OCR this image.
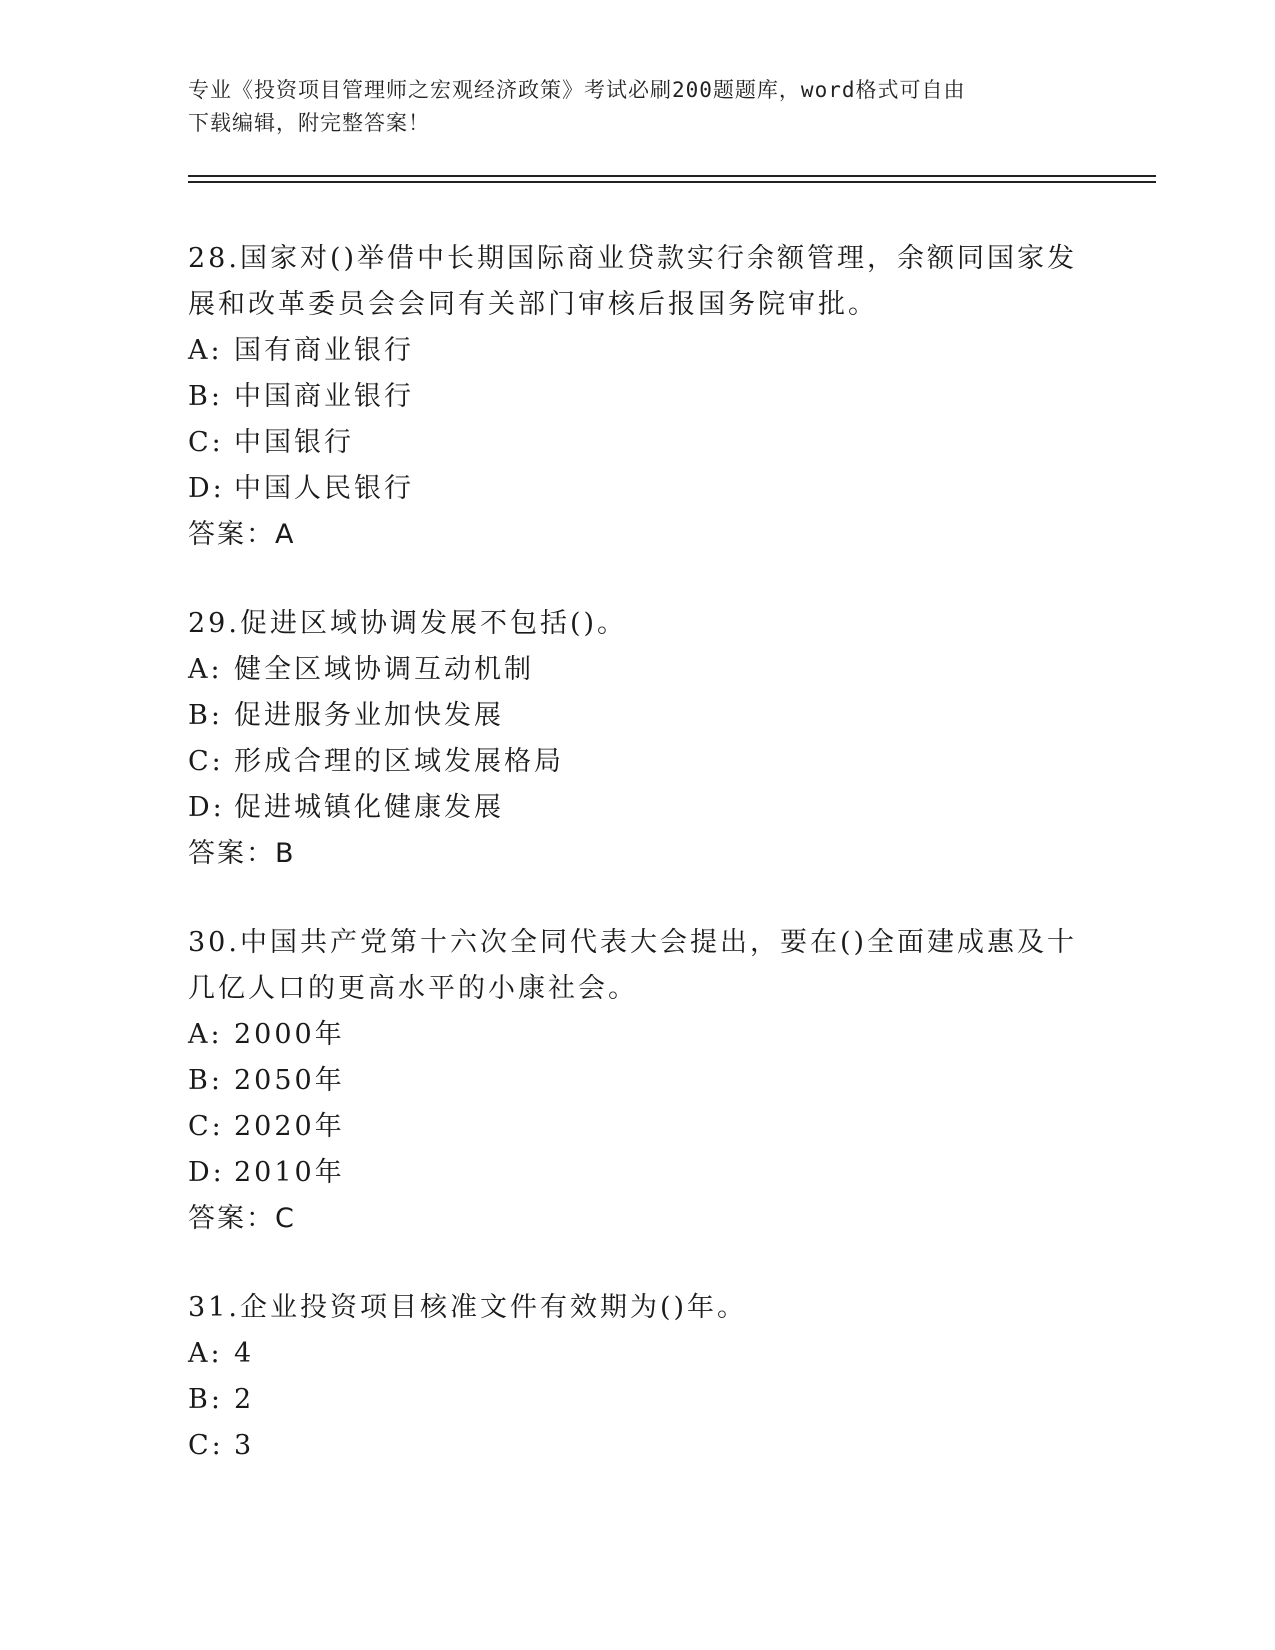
专业《投资项目管理师之宏观经济政策》考试必刷200题题库，word格式可自由
下载编辑，附完整答案！

28.国家对()举借中长期国际商业贷款实行余额管理，余额同国家发展和改革委员会会同有关部门审核后报国务院审批。

A: 国有商业银行
B: 中国商业银行
C: 中国银行
D: 中国人民银行
答案：A

29.促进区域协调发展不包括()。

A: 健全区域协调互动机制
B: 促进服务业加快发展
C: 形成合理的区域发展格局
D: 促进城镇化健康发展
答案：B

30.中国共产党第十六次全同代表大会提出，要在()全面建成惠及十几亿人口的更高水平的小康社会。

A: 2000年
B: 2050年
C: 2020年
D: 2010年
答案：C

31.企业投资项目核准文件有效期为()年。

A: 4
B: 2
C: 3
